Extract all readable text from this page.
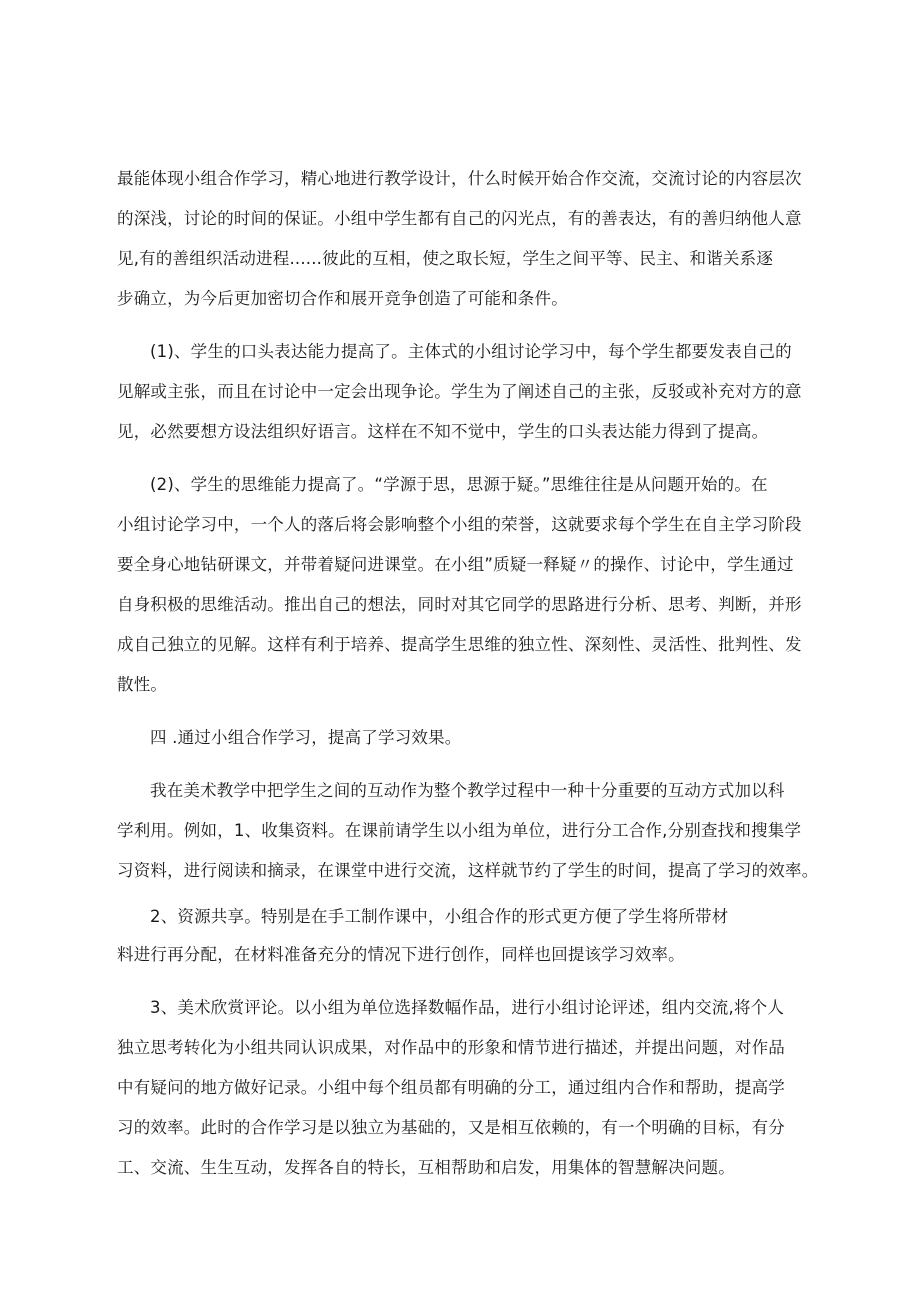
最能体现小组合作学习，精心地进行教学设计，什么时候开始合作交流，交流讨论的内容层次
的深浅，讨论的时间的保证。小组中学生都有自己的闪光点，有的善表达，有的善归纳他人意
见,有的善组织活动进程......彼此的互相，使之取长短，学生之间平等、民主、和谐关系逐
步确立，为今后更加密切合作和展开竞争创造了可能和条件。
(1)、学生的口头表达能力提高了。主体式的小组讨论学习中，每个学生都要发表自己的
见解或主张，而且在讨论中一定会出现争论。学生为了阐述自己的主张，反驳或补充对方的意
见，必然要想方设法组织好语言。这样在不知不觉中，学生的口头表达能力得到了提高。
(2)、学生的思维能力提高了。“学源于思，思源于疑。”思维往往是从问题开始的。在
小组讨论学习中，一个人的落后将会影响整个小组的荣誉，这就要求每个学生在自主学习阶段
要全身心地钻研课文，并带着疑问进课堂。在小组”质疑一释疑〃的操作、讨论中，学生通过
自身积极的思维活动。推出自己的想法，同时对其它同学的思路进行分析、思考、判断，并形
成自己独立的见解。这样有利于培养、提高学生思维的独立性、深刻性、灵活性、批判性、发
散性。
四 .通过小组合作学习，提高了学习效果。
我在美术教学中把学生之间的互动作为整个教学过程中一种十分重要的互动方式加以科
学利用。例如，1、收集资料。在课前请学生以小组为单位，进行分工合作,分别查找和搜集学
习资料，进行阅读和摘录，在课堂中进行交流，这样就节约了学生的时间，提高了学习的效率。
2、资源共享。特别是在手工制作课中，小组合作的形式更方便了学生将所带材
料进行再分配，在材料准备充分的情况下进行创作，同样也回提该学习效率。
3、美术欣赏评论。以小组为单位选择数幅作品，进行小组讨论评述，组内交流,将个人
独立思考转化为小组共同认识成果，对作品中的形象和情节进行描述，并提出问题，对作品
中有疑问的地方做好记录。小组中每个组员都有明确的分工，通过组内合作和帮助，提高学
习的效率。此时的合作学习是以独立为基础的，又是相互依赖的，有一个明确的目标，有分
工、交流、生生互动，发挥各自的特长，互相帮助和启发，用集体的智慧解决问题。
